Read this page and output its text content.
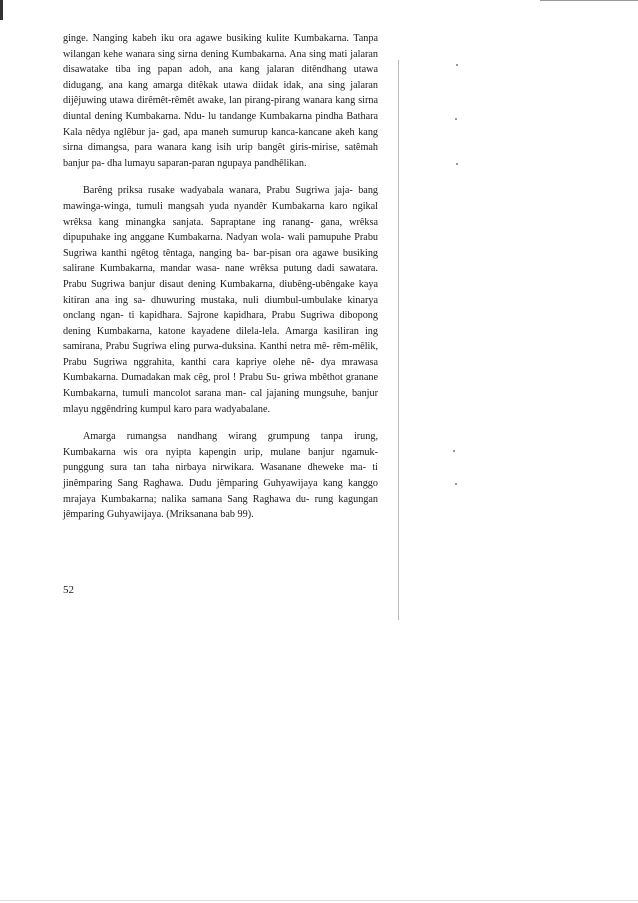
ginge. Nanging kabeh iku ora agawe busiking kulite Kumbakarna. Tanpa wilangan kehe wanara sing sirna dening Kumbakarna. Ana sing mati jalaran disawatake tiba ing papan adoh, ana kang jalaran ditêndhang utawa didugang, ana kang amarga ditêkak utawa diidak idak, ana sing jalaran dijêjuwing utawa dirêmêt-rêmêt awake, lan pirang-pirang wanara kang sirna diuntal dening Kumbakarna. Ndu- lu tandange Kumbakarna pindha Bathara Kala nêdya nglêbur ja- gad, apa maneh sumurup kanca-kancane akeh kang sirna dimangsa, para wanara kang isih urip bangêt giris-mirise, satêmah banjur pa- dha lumayu saparan-paran ngupaya pandhêlikan.

Barêng priksa rusake wadyabala wanara, Prabu Sugriwa jaja- bang mawinga-winga, tumuli mangsah yuda nyandêr Kumbakarna karo ngikal wrêksa kang minangka sanjata. Sapraptane ing ranang- gana, wrêksa dipupuhake ing anggane Kumbakarna. Nadyan wola- wali pamupuhe Prabu Sugriwa kanthi ngêtog têntaga, nanging ba- bar-pisan ora agawe busiking salirane Kumbakarna, mandar wasa- nane wrêksa putung dadi sawatara. Prabu Sugriwa banjur disaut dening Kumbakarna, diubêng-ubêngake kaya kitiran ana ing sa- dhuwuring mustaka, nuli diumbul-umbulake kinarya onclang ngan- ti kapidhara. Sajrone kapidhara, Prabu Sugriwa dibopong dening Kumbakarna, katone kayadene dilela-lela. Amarga kasiliran ing samirana, Prabu Sugriwa eling purwa-duksina. Kanthi netra mê- rêm-mêlik, Prabu Sugriwa nggrahita, kanthi cara kapriye olehe nê- dya mrawasa Kumbakarna. Dumadakan mak cêg, prol ! Prabu Su- griwa mbêthot granane Kumbakarna, tumuli mancolot sarana man- cal jajaning mungsuhe, banjur mlayu nggêndring kumpul karo para wadyabalane.

Amarga rumangsa nandhang wirang grumpung tanpa irung, Kumbakarna wis ora nyipta kapengin urip, mulane banjur ngamuk- punggung sura tan taha nirbaya nirwikara. Wasanane dheweke ma- ti jinêmparing Sang Raghawa. Dudu jêmparing Guhyawijaya kang kanggo mrajaya Kumbakarna; nalika samana Sang Raghawa du- rung kagungan jêmparing Guhyawijaya. (Mriksanana bab 99).

52
